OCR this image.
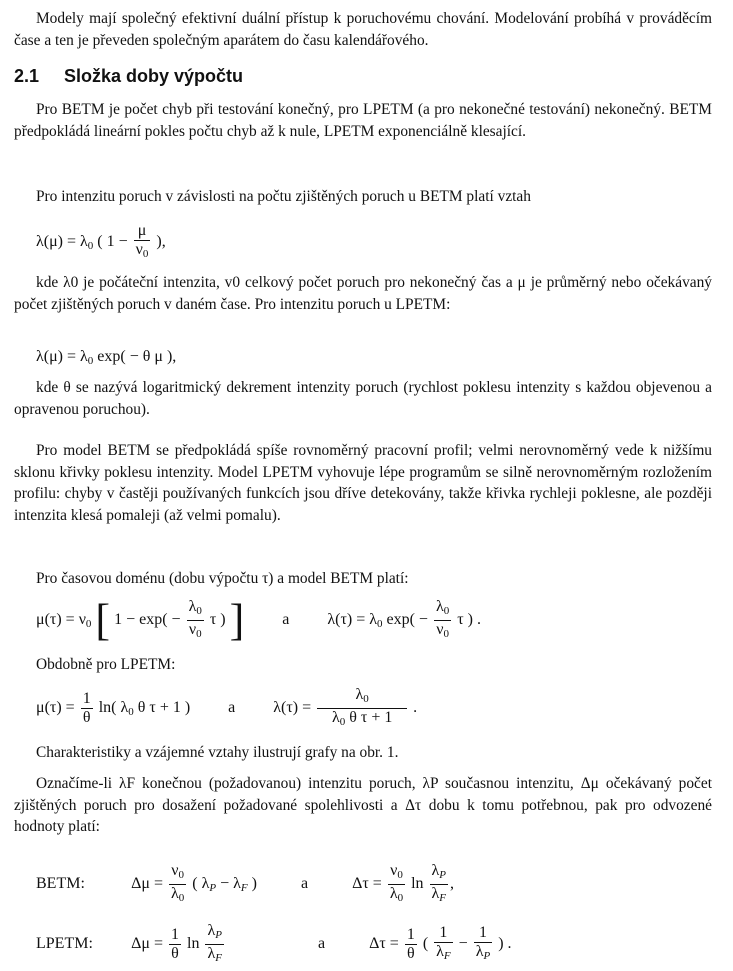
Modely mají společný efektivní duální přístup k poruchovému chování. Modelování probíhá v prováděcím čase a ten je převeden společným aparátem do času kalendářového.

2.1 Složka doby výpočtu

Pro BETM je počet chyb při testování konečný, pro LPETM (a pro nekonečné testování) nekonečný. BETM předpokládá lineární pokles počtu chyb až k nule, LPETM exponenciálně klesající.

Pro intenzitu poruch v závislosti na počtu zjištěných poruch u BETM platí vztah

$\lambda(\mu) = \lambda_0$ ( $1 - \frac{\mu}{\nu_0}$ ),

kde λ0 je počáteční intenzita, v0 celkový počet poruch pro nekonečný čas a μ je průměrný nebo očekávaný počet zjištěných poruch v daném čase. Pro intenzitu poruch u LPETM:

$\lambda(\mu) = \lambda_0$ exp( − θ μ ),

kde θ se nazývá logaritmický dekrement intenzity poruch (rychlost poklesu intenzity s každou objevenou a opravenou poruchou).

Pro model BETM se předpokládá spíše rovnoměrný pracovní profil; velmi nerovnoměrný vede k nižšímu sklonu křivky poklesu intenzity. Model LPETM vyhovuje lépe programům se silně nerovnoměrným rozložením profilu: chyby v častěji používaných funkcích jsou dříve detekovány, takže křivka rychleji poklesne, ale později intenzita klesá pomaleji (až velmi pomalu).

Pro časovou doménu (dobu výpočtu τ) a model BETM platí:

$\mu(\tau) = \nu_0$ [ $1 - \exp( - \frac{\lambda_0}{\nu_0}$ τ ) ] a $\lambda(\tau) = \lambda_0$ $\exp( - \frac{\lambda_0}{\nu_0}$ τ ) .

Obdobně pro LPETM:

$\mu(\tau) = \frac{1}{\theta} \ln$( $\lambda_0$ θ τ + 1 ) a $\lambda(\tau) = \frac{\lambda_0}{\lambda_0 \theta \tau + 1}$ .

Charakteristiky a vzájemné vztahy ilustrují grafy na obr. 1.

Označíme-li λF konečnou (požadovanou) intenzitu poruch, λP současnou intenzitu, Δμ očekávaný počet zjištěných poruch pro dosažení požadované spolehlivosti a Δτ dobu k tomu potřebnou, pak pro odvozené hodnoty platí:

BETM:	$\Delta\mu = \frac{\nu_0}{\lambda_0}$ ( $\lambda_P - \lambda_F$ )	a	$\Delta\tau = \frac{\nu_0}{\lambda_0}$ $\ln \frac{\lambda_P}{\lambda_F}$ ,
LPETM: $\Delta\mu = \frac{1}{\theta}$ $\ln \frac{\lambda_P}{\lambda_F}$	a	$\Delta\tau = \frac{1}{\theta}$ ( $\frac{1}{\lambda_F} - \frac{1}{\lambda_P}$ ) .
